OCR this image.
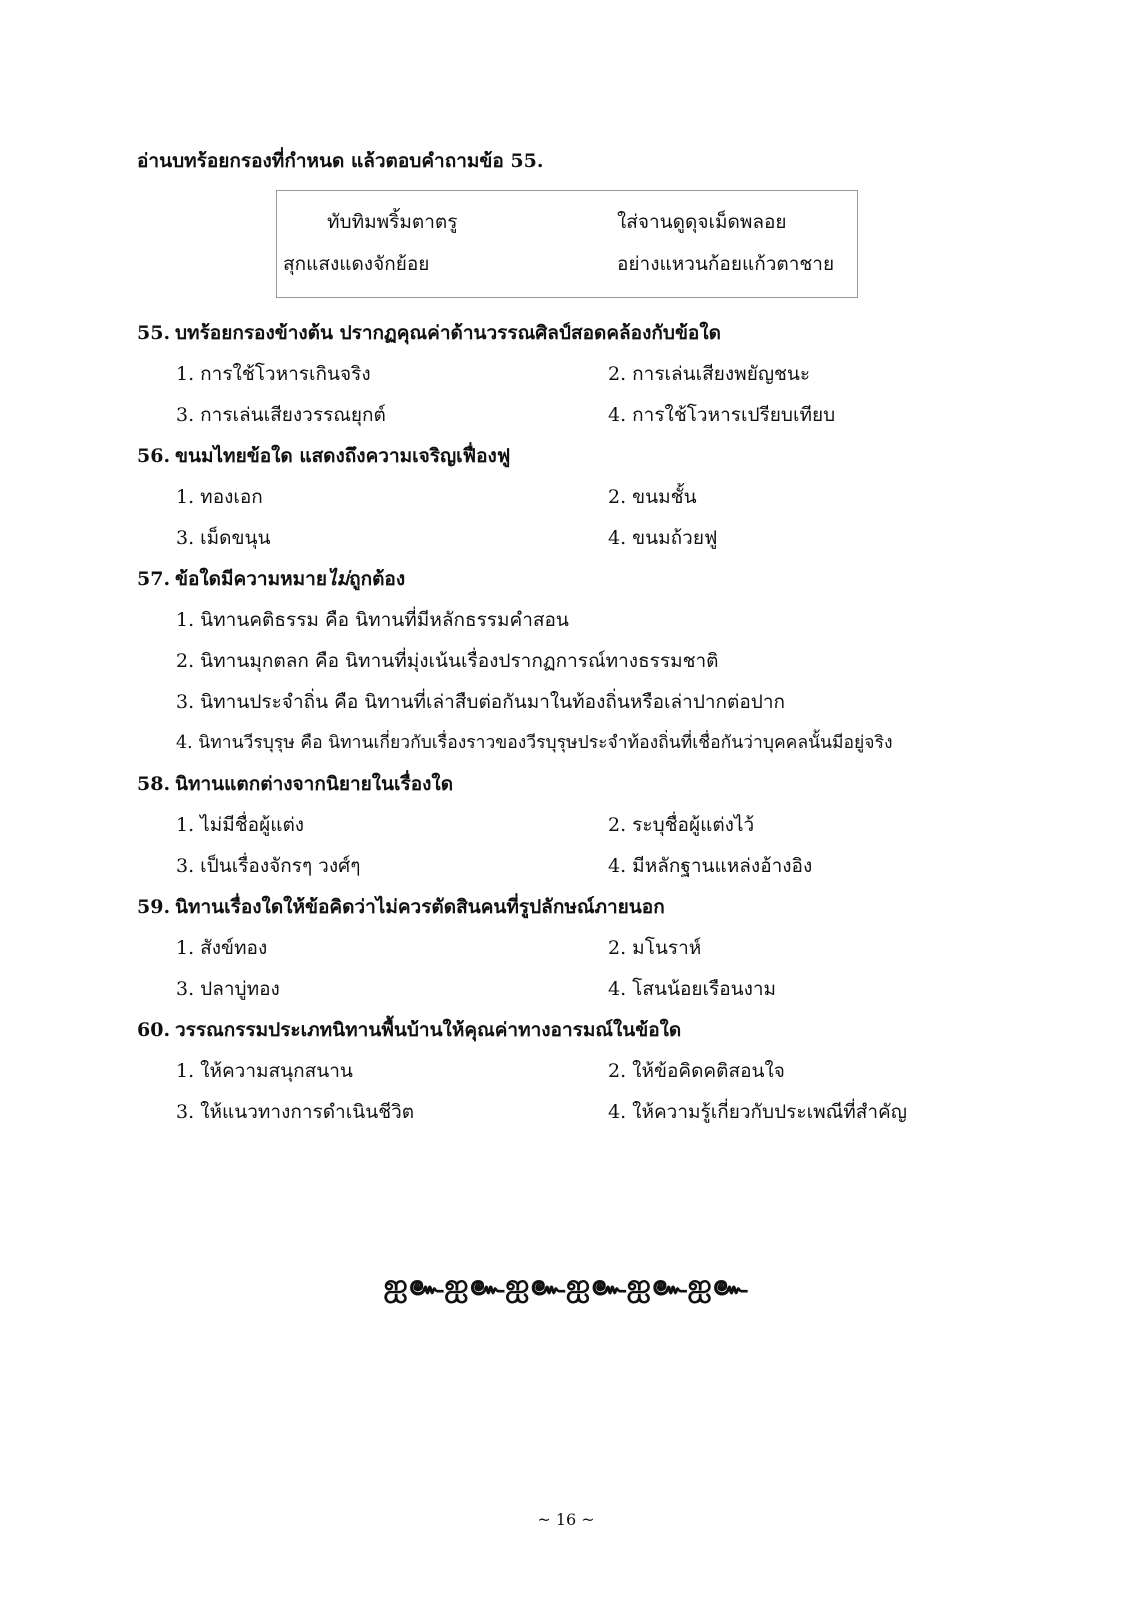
อ่านบทร้อยกรองที่กำหนด แล้วตอบคำถามข้อ 55.
ทับทิมพริ้มตาตรู	ใส่จานดูดุจเม็ดพลอย
สุกแสงแดงจักย้อย	อย่างแหวนก้อยแก้วตาชาย
55. บทร้อยกรองข้างต้น ปรากฏคุณค่าด้านวรรณศิลป์สอดคล้องกับข้อใด
1. การใช้โวหารเกินจริง	2. การเล่นเสียงพยัญชนะ
3. การเล่นเสียงวรรณยุกต์	4. การใช้โวหารเปรียบเทียบ
56. ขนมไทยข้อใด แสดงถึงความเจริญเฟื่องฟู
1. ทองเอก	2. ขนมชั้น
3. เม็ดขนุน	4. ขนมถ้วยฟู
57. ข้อใดมีความหมายไม่ถูกต้อง
1. นิทานคติธรรม คือ นิทานที่มีหลักธรรมคำสอน
2. นิทานมุกตลก คือ นิทานที่มุ่งเน้นเรื่องปรากฏการณ์ทางธรรมชาติ
3. นิทานประจำถิ่น คือ นิทานที่เล่าสืบต่อกันมาในท้องถิ่นหรือเล่าปากต่อปาก
4. นิทานวีรบุรุษ คือ นิทานเกี่ยวกับเรื่องราวของวีรบุรุษประจำท้องถิ่นที่เชื่อกันว่าบุคคลนั้นมีอยู่จริง
58. นิทานแตกต่างจากนิยายในเรื่องใด
1. ไม่มีชื่อผู้แต่ง	2. ระบุชื่อผู้แต่งไว้
3. เป็นเรื่องจักรๆ วงศ์ๆ	4. มีหลักฐานแหล่งอ้างอิง
59. นิทานเรื่องใดให้ข้อคิดว่าไม่ควรตัดสินคนที่รูปลักษณ์ภายนอก
1. สังข์ทอง	2. มโนราห์
3. ปลาบู่ทอง	4. โสนน้อยเรือนงาม
60. วรรณกรรมประเภทนิทานพื้นบ้านให้คุณค่าทางอารมณ์ในข้อใด
1. ให้ความสนุกสนาน	2. ให้ข้อคิดคติสอนใจ
3. ให้แนวทางการดำเนินชีวิต	4. ให้ความรู้เกี่ยวกับประเพณีที่สำคัญ
ஐ๛ஐ๛ஐ๛ஐ๛ஐ๛ஐ๛
~ 16 ~
